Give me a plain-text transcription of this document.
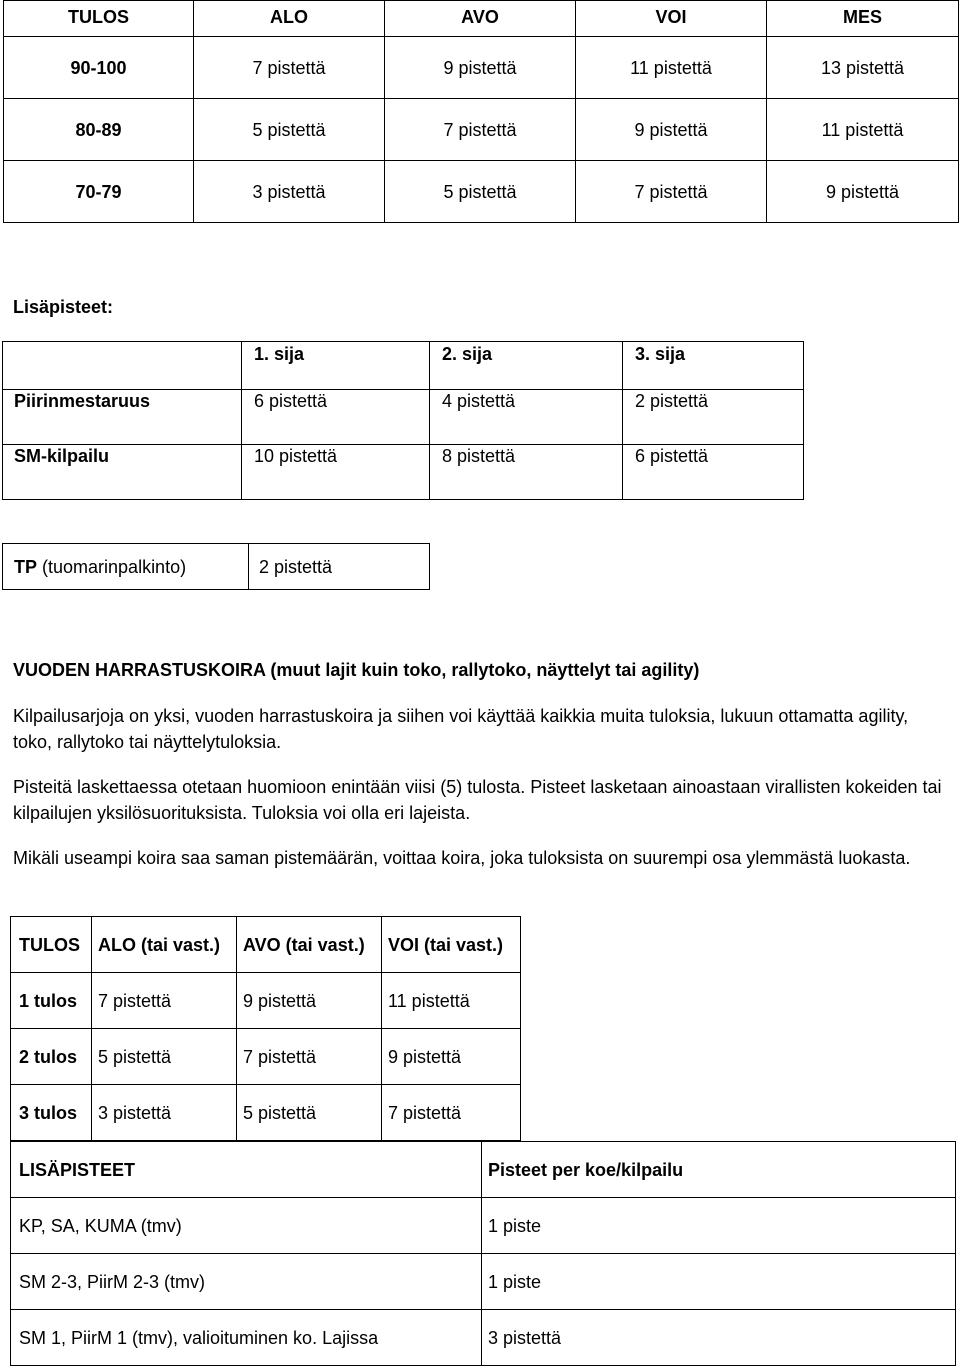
TULOS	ALO	AVO	VOI	MES
90-100	7 pistettä	9 pistettä	11 pistettä	13 pistettä
80-89	5 pistettä	7 pistettä	9 pistettä	11 pistettä
70-79	3 pistettä	5 pistettä	7 pistettä	9 pistettä

Lisäpisteet:

	1. sija	2. sija	3. sija
Piirinmestaruus	6 pistettä	4 pistettä	2 pistettä
SM-kilpailu	10 pistettä	8 pistettä	6 pistettä
TP (tuomarinpalkinto)	2 pistettä

VUODEN HARRASTUSKOIRA (muut lajit kuin toko, rallytoko, näyttelyt tai agility)

Kilpailusarjoja on yksi, vuoden harrastuskoira ja siihen voi käyttää kaikkia muita tuloksia, lukuun ottamatta agility, toko, rallytoko tai näyttelytuloksia.

Pisteitä laskettaessa otetaan huomioon enintään viisi (5) tulosta. Pisteet lasketaan ainoastaan virallisten kokeiden tai kilpailujen yksilösuorituksista. Tuloksia voi olla eri lajeista.

Mikäli useampi koira saa saman pistemäärän, voittaa koira, joka tuloksista on suurempi osa ylemmästä luokasta.

TULOS	ALO (tai vast.)	AVO (tai vast.)	VOI (tai vast.)
1 tulos	7 pistettä	9 pistettä	11 pistettä
2 tulos	5 pistettä	7 pistettä	9 pistettä
3 tulos	3 pistettä	5 pistettä	7 pistettä
LISÄPISTEET	Pisteet per koe/kilpailu
KP, SA, KUMA (tmv)	1 piste
SM 2-3, PiirM 2-3 (tmv)	1 piste
SM 1, PiirM 1 (tmv), valioituminen ko. Lajissa	3 pistettä
